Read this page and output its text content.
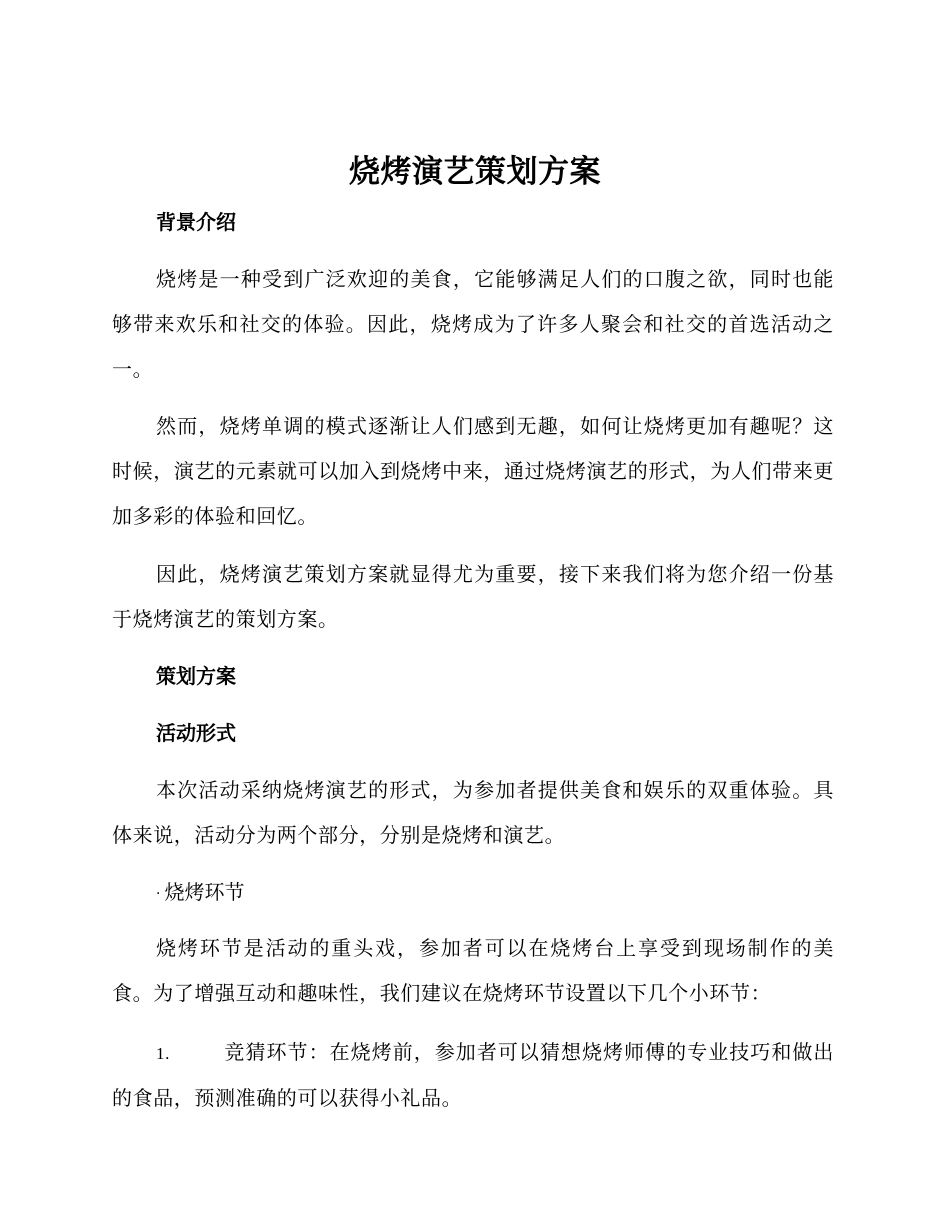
烧烤演艺策划方案
背景介绍
烧烤是一种受到广泛欢迎的美食，它能够满足人们的口腹之欲，同时也能够带来欢乐和社交的体验。因此，烧烤成为了许多人聚会和社交的首选活动之一。
然而，烧烤单调的模式逐渐让人们感到无趣，如何让烧烤更加有趣呢？这时候，演艺的元素就可以加入到烧烤中来，通过烧烤演艺的形式，为人们带来更加多彩的体验和回忆。
因此，烧烤演艺策划方案就显得尤为重要，接下来我们将为您介绍一份基于烧烤演艺的策划方案。
策划方案
活动形式
本次活动采纳烧烤演艺的形式，为参加者提供美食和娱乐的双重体验。具体来说，活动分为两个部分，分别是烧烤和演艺。
· 烧烤环节
烧烤环节是活动的重头戏，参加者可以在烧烤台上享受到现场制作的美食。为了增强互动和趣味性，我们建议在烧烤环节设置以下几个小环节：
1.	竞猜环节：在烧烤前，参加者可以猜想烧烤师傅的专业技巧和做出的食品，预测准确的可以获得小礼品。
